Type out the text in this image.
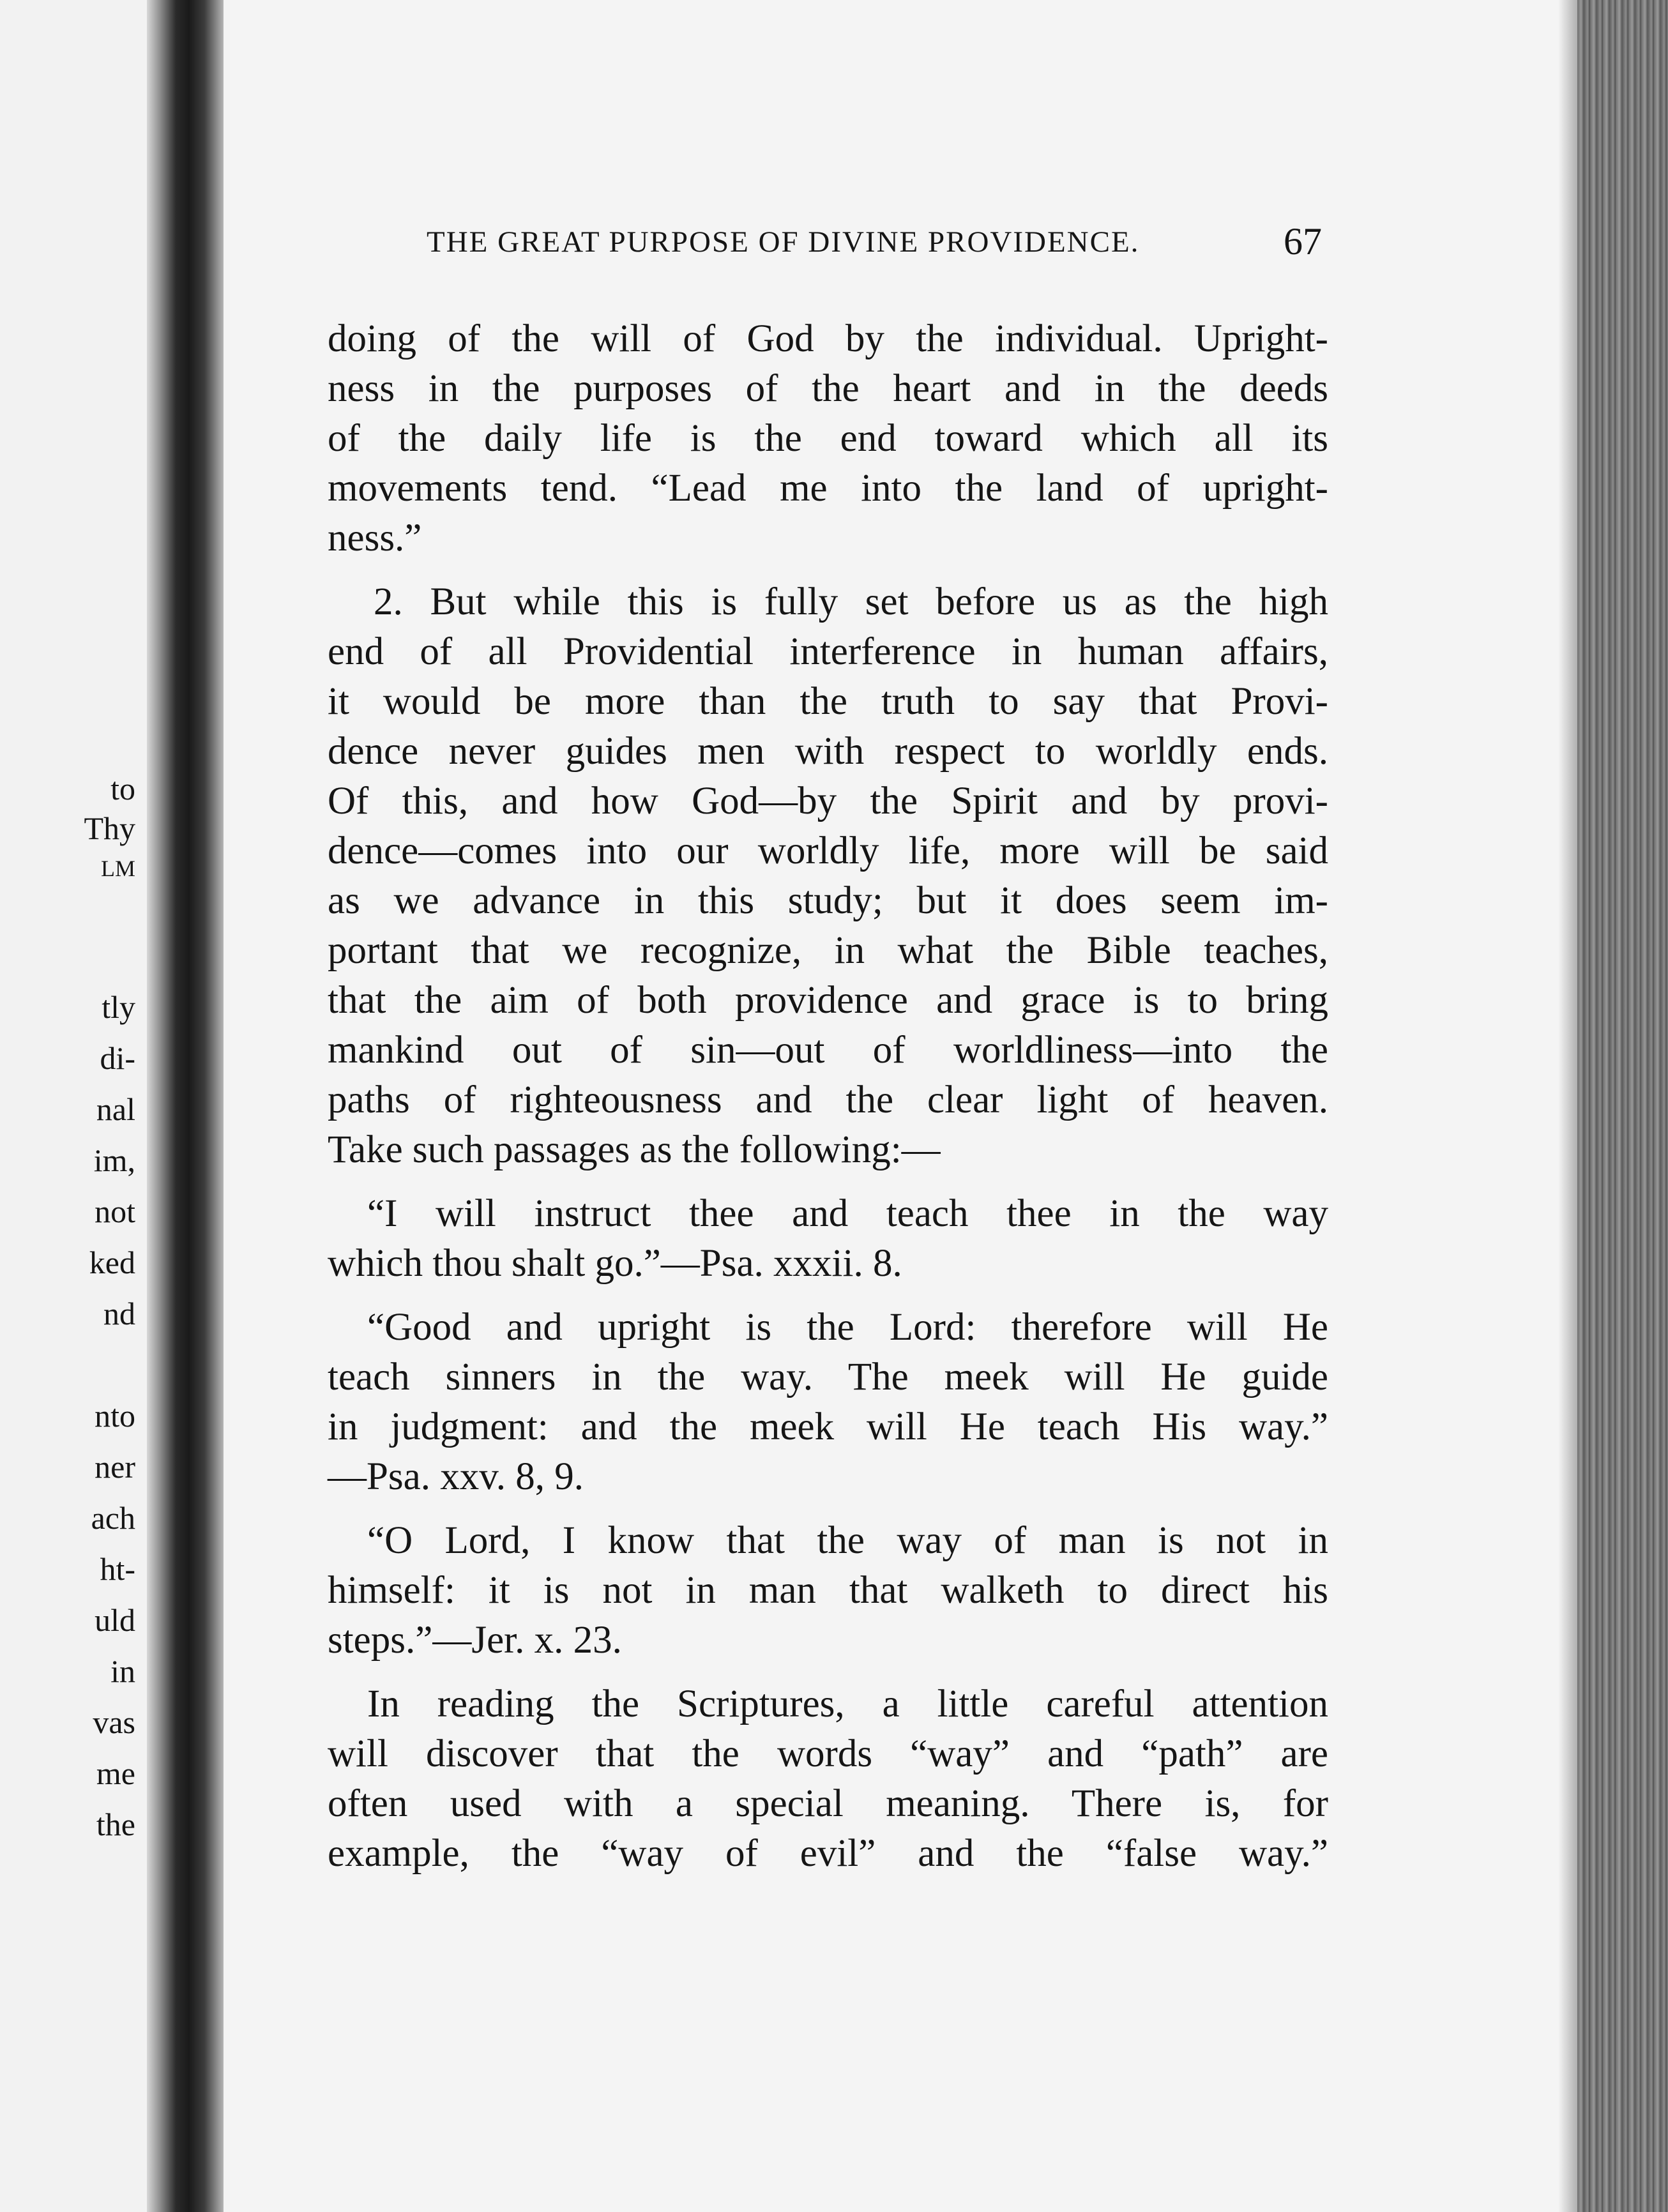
to
Thy
LM
tly
di-
nal
im,
not
ked
nd
nto
ner
ach
ht-
uld
in
vas
me
the
THE GREAT PURPOSE OF DIVINE PROVIDENCE.	67
doing of the will of God by the individual. Upright-
ness in the purposes of the heart and in the deeds
of the daily life is the end toward which all its
movements tend. “Lead me into the land of upright-
ness.”
2. But while this is fully set before us as the high
end of all Providential interference in human affairs,
it would be more than the truth to say that Provi-
dence never guides men with respect to worldly ends.
Of this, and how God—by the Spirit and by provi-
dence—comes into our worldly life, more will be said
as we advance in this study; but it does seem im-
portant that we recognize, in what the Bible teaches,
that the aim of both providence and grace is to bring
mankind out of sin—out of worldliness—into the
paths of righteousness and the clear light of heaven.
Take such passages as the following:—
“I will instruct thee and teach thee in the way
which thou shalt go.”—Psa. xxxii. 8.
“Good and upright is the Lord: therefore will He
teach sinners in the way. The meek will He guide
in judgment: and the meek will He teach His way.”
—Psa. xxv. 8, 9.
“O Lord, I know that the way of man is not in
himself: it is not in man that walketh to direct his
steps.”—Jer. x. 23.
In reading the Scriptures, a little careful attention
will discover that the words “way” and “path” are
often used with a special meaning. There is, for
example, the “way of evil” and the “false way.”
